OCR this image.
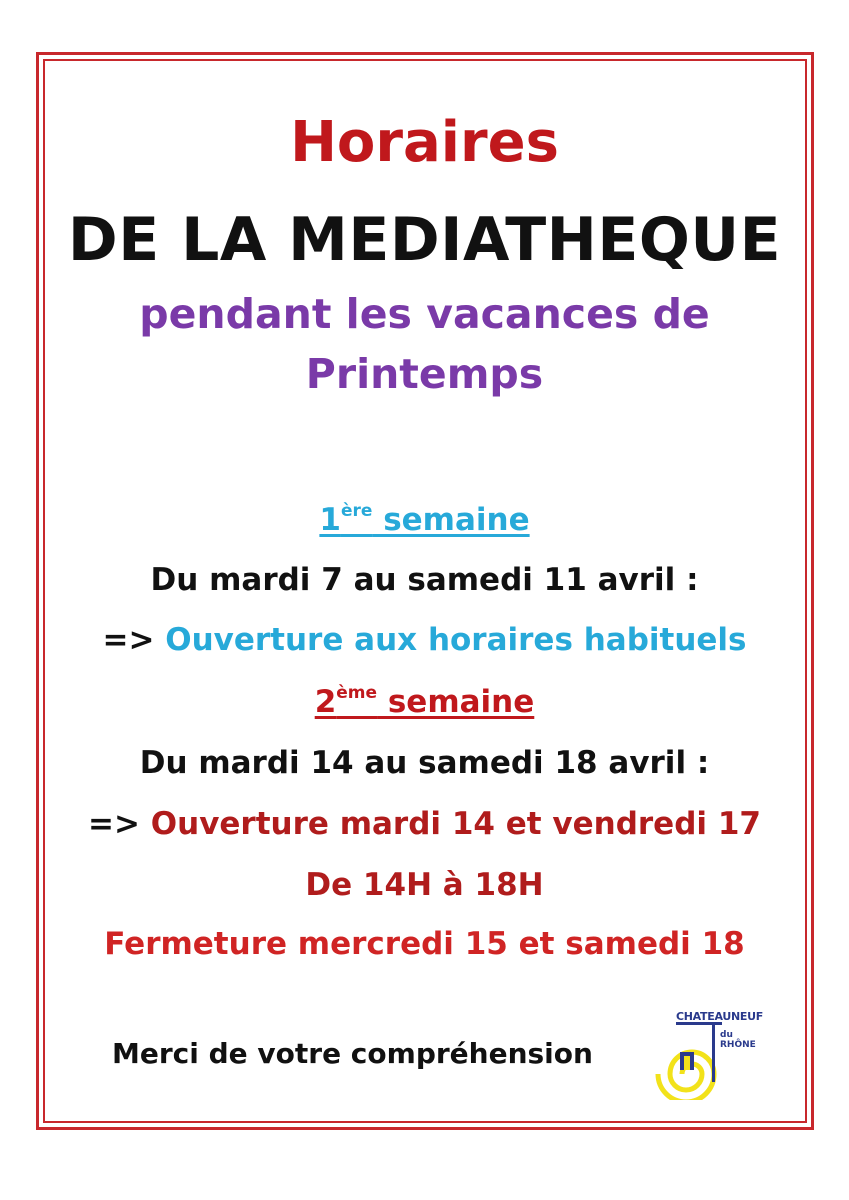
Horaires
DE LA MEDIATHEQUE
pendant les vacances de
Printemps
1ère semaine
Du mardi 7 au samedi 11 avril :
=> Ouverture aux horaires habituels
2ème semaine
Du mardi 14 au samedi 18 avril :
=> Ouverture mardi 14 et vendredi 17
De 14H à 18H
Fermeture mercredi 15 et samedi 18
Merci de votre compréhension
CHATEAUNEUF
du RHÔNE
